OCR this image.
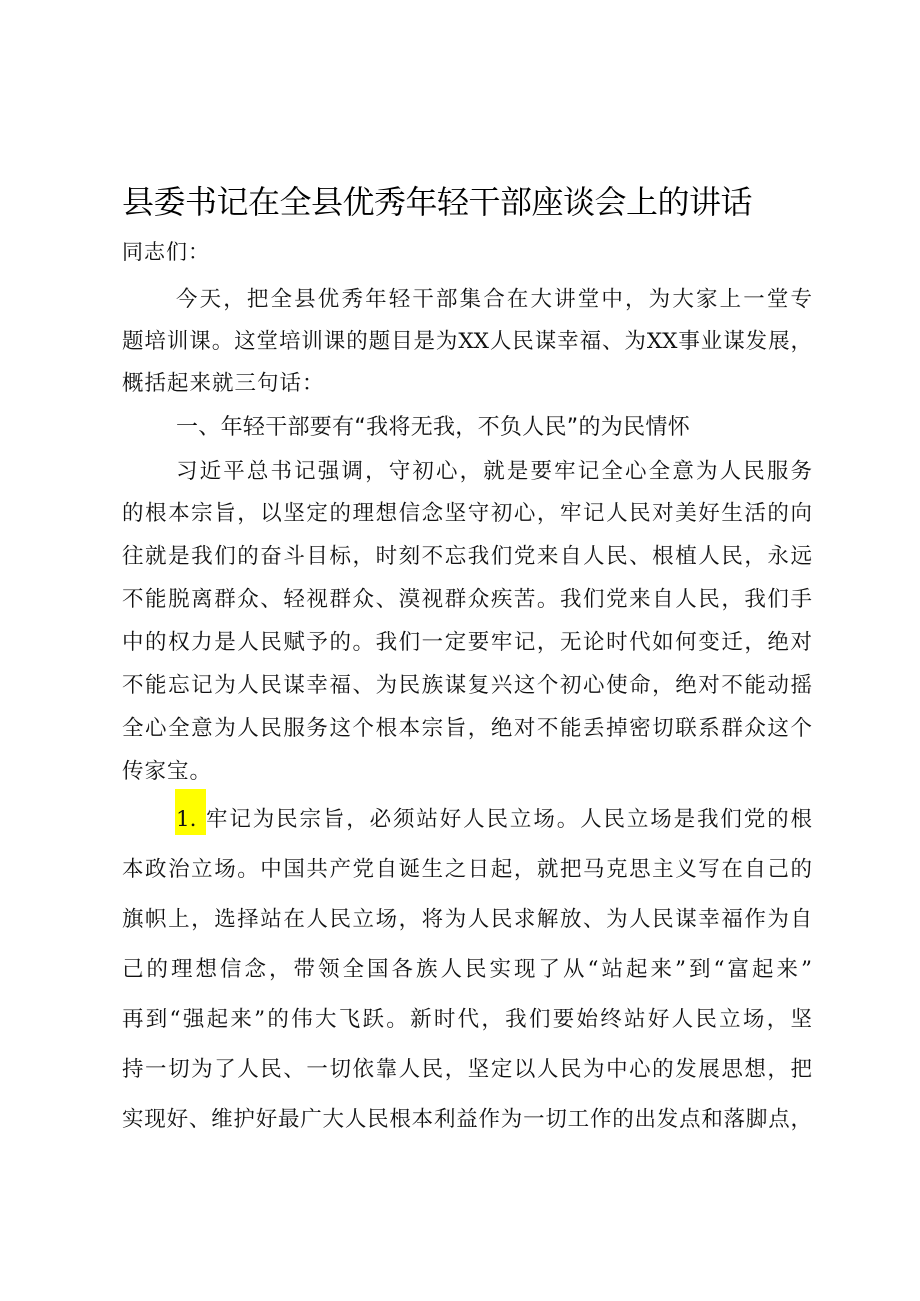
县委书记在全县优秀年轻干部座谈会上的讲话
同志们：
今天，把全县优秀年轻干部集合在大讲堂中，为大家上一堂专
题培训课。这堂培训课的题目是为XX人民谋幸福、为XX事业谋发展，
概括起来就三句话：
一、年轻干部要有“我将无我，不负人民”的为民情怀
习近平总书记强调，守初心，就是要牢记全心全意为人民服务
的根本宗旨，以坚定的理想信念坚守初心，牢记人民对美好生活的向
往就是我们的奋斗目标，时刻不忘我们党来自人民、根植人民，永远
不能脱离群众、轻视群众、漠视群众疾苦。我们党来自人民，我们手
中的权力是人民赋予的。我们一定要牢记，无论时代如何变迁，绝对
不能忘记为人民谋幸福、为民族谋复兴这个初心使命，绝对不能动摇
全心全意为人民服务这个根本宗旨，绝对不能丢掉密切联系群众这个
传家宝。
1. 牢记为民宗旨，必须站好人民立场。人民立场是我们党的根
本政治立场。中国共产党自诞生之日起，就把马克思主义写在自己的
旗帜上，选择站在人民立场，将为人民求解放、为人民谋幸福作为自
己的理想信念，带领全国各族人民实现了从“站起来”到“富起来”
再到“强起来”的伟大飞跃。新时代，我们要始终站好人民立场，坚
持一切为了人民、一切依靠人民，坚定以人民为中心的发展思想，把
实现好、维护好最广大人民根本利益作为一切工作的出发点和落脚点，
